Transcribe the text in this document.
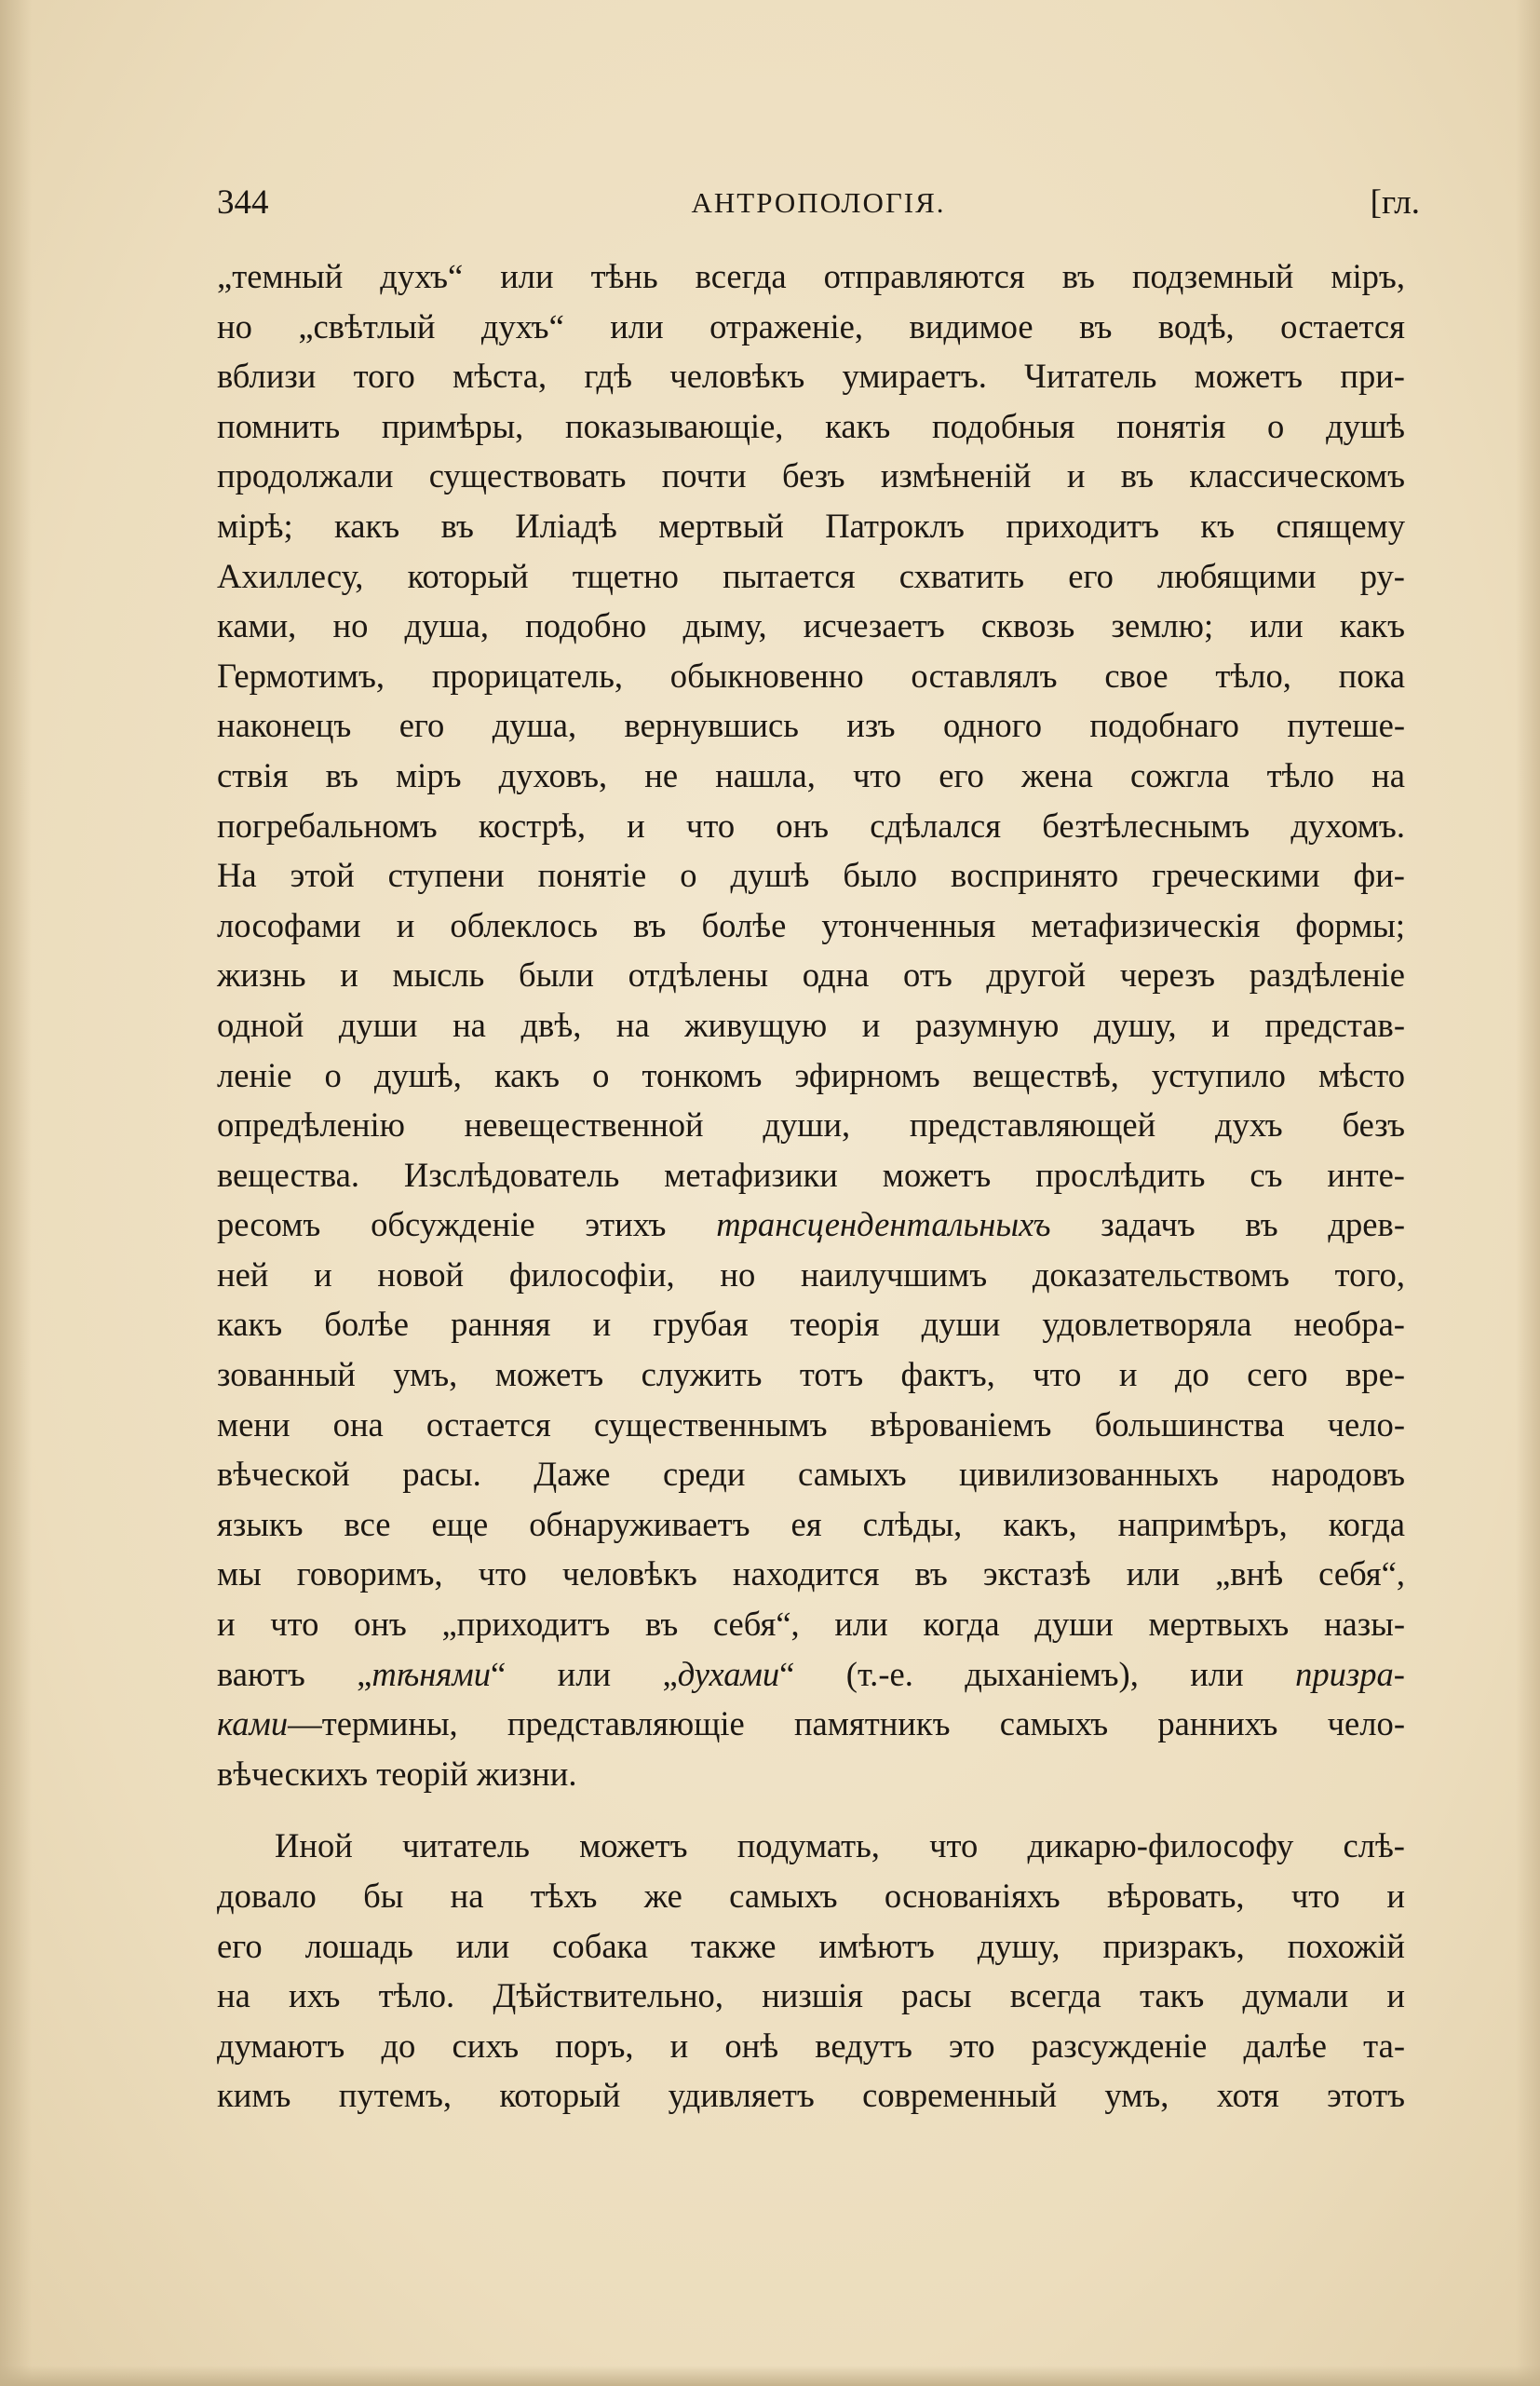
344	АНТРОПОЛОГІЯ.	[гл.
„темный духъ“ или тѣнь всегда отправляются въ подземный міръ,
но „свѣтлый духъ“ или отраженіе, видимое въ водѣ, остается
вблизи того мѣста, гдѣ человѣкъ умираетъ. Читатель можетъ при-
помнить примѣры, показывающіе, какъ подобныя понятія о душѣ
продолжали существовать почти безъ измѣненій и въ классическомъ
мірѣ; какъ въ Иліадѣ мертвый Патроклъ приходитъ къ спящему
Ахиллесу, который тщетно пытается схватить его любящими ру-
ками, но душа, подобно дыму, исчезаетъ сквозь землю; или какъ
Гермотимъ, прорицатель, обыкновенно оставлялъ свое тѣло, пока
наконецъ его душа, вернувшись изъ одного подобнаго путеше-
ствія въ міръ духовъ, не нашла, что его жена сожгла тѣло на
погребальномъ кострѣ, и что онъ сдѣлался безтѣлеснымъ духомъ.
На этой ступени понятіе о душѣ было воспринято греческими фи-
лософами и облеклось въ болѣе утонченныя метафизическія формы;
жизнь и мысль были отдѣлены одна отъ другой черезъ раздѣленіе
одной души на двѣ, на живущую и разумную душу, и представ-
леніе о душѣ, какъ о тонкомъ эфирномъ веществѣ, уступило мѣсто
опредѣленію невещественной души, представляющей духъ безъ
вещества. Изслѣдователь метафизики можетъ прослѣдить съ инте-
ресомъ обсужденіе этихъ трансцендентальныхъ задачъ въ древ-
ней и новой философіи, но наилучшимъ доказательствомъ того,
какъ болѣе ранняя и грубая теорія души удовлетворяла необра-
зованный умъ, можетъ служить тотъ фактъ, что и до сего вре-
мени она остается существеннымъ вѣрованіемъ большинства чело-
вѣческой расы. Даже среди самыхъ цивилизованныхъ народовъ
языкъ все еще обнаруживаетъ ея слѣды, какъ, напримѣръ, когда
мы говоримъ, что человѣкъ находится въ экстазѣ или „внѣ себя“,
и что онъ „приходитъ въ себя“, или когда души мертвыхъ назы-
ваютъ „тѣнями“ или „духами“ (т.-е. дыханіемъ), или призра-
ками—термины, представляющіе памятникъ самыхъ раннихъ чело-
вѣческихъ теорій жизни.
Иной читатель можетъ подумать, что дикарю-философу слѣ-
довало бы на тѣхъ же самыхъ основаніяхъ вѣровать, что и
его лошадь или собака также имѣютъ душу, призракъ, похожій
на ихъ тѣло. Дѣйствительно, низшія расы всегда такъ думали и
думаютъ до сихъ поръ, и онѣ ведутъ это разсужденіе далѣе та-
кимъ путемъ, который удивляетъ современный умъ, хотя этотъ
